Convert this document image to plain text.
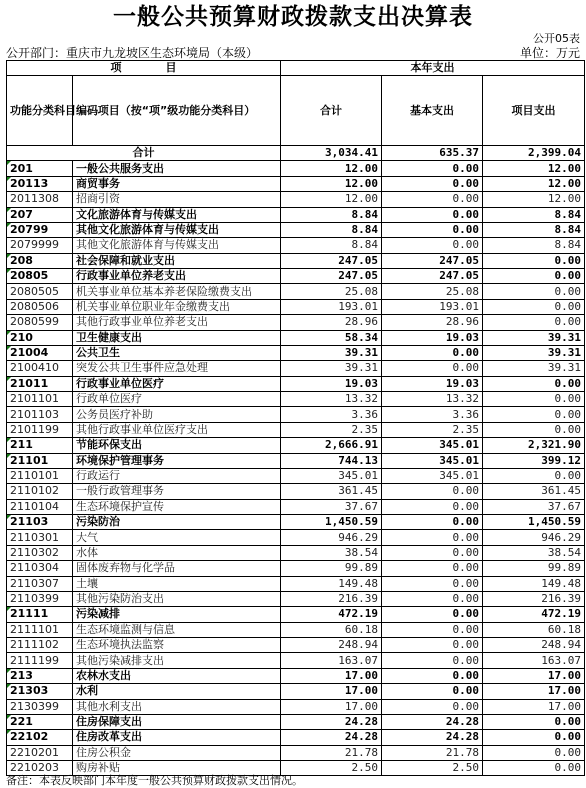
一般公共预算财政拨款支出决算表
公开05表
公开部门：重庆市九龙坡区生态环境局（本级）	单位：万元
项　　　　目		本年支出		
功能分类科目编码	项目（按“项”级功能分类科目）	合计	基本支出	项目支出
合计		3,034.41	635.37	2,399.04
201	一般公共服务支出	12.00	0.00	12.00
20113	商贸事务	12.00	0.00	12.00
2011308	招商引资	12.00	0.00	12.00
207	文化旅游体育与传媒支出	8.84	0.00	8.84
20799	其他文化旅游体育与传媒支出	8.84	0.00	8.84
2079999	其他文化旅游体育与传媒支出	8.84	0.00	8.84
208	社会保障和就业支出	247.05	247.05	0.00
20805	行政事业单位养老支出	247.05	247.05	0.00
2080505	机关事业单位基本养老保险缴费支出	25.08	25.08	0.00
2080506	机关事业单位职业年金缴费支出	193.01	193.01	0.00
2080599	其他行政事业单位养老支出	28.96	28.96	0.00
210	卫生健康支出	58.34	19.03	39.31
21004	公共卫生	39.31	0.00	39.31
2100410	突发公共卫生事件应急处理	39.31	0.00	39.31
21011	行政事业单位医疗	19.03	19.03	0.00
2101101	行政单位医疗	13.32	13.32	0.00
2101103	公务员医疗补助	3.36	3.36	0.00
2101199	其他行政事业单位医疗支出	2.35	2.35	0.00
211	节能环保支出	2,666.91	345.01	2,321.90
21101	环境保护管理事务	744.13	345.01	399.12
2110101	行政运行	345.01	345.01	0.00
2110102	一般行政管理事务	361.45	0.00	361.45
2110104	生态环境保护宣传	37.67	0.00	37.67
21103	污染防治	1,450.59	0.00	1,450.59
2110301	大气	946.29	0.00	946.29
2110302	水体	38.54	0.00	38.54
2110304	固体废弃物与化学品	99.89	0.00	99.89
2110307	土壤	149.48	0.00	149.48
2110399	其他污染防治支出	216.39	0.00	216.39
21111	污染减排	472.19	0.00	472.19
2111101	生态环境监测与信息	60.18	0.00	60.18
2111102	生态环境执法监察	248.94	0.00	248.94
2111199	其他污染减排支出	163.07	0.00	163.07
213	农林水支出	17.00	0.00	17.00
21303	水利	17.00	0.00	17.00
2130399	其他水利支出	17.00	0.00	17.00
221	住房保障支出	24.28	24.28	0.00
22102	住房改革支出	24.28	24.28	0.00
2210201	住房公积金	21.78	21.78	0.00
2210203	购房补贴	2.50	2.50	0.00
备注：本表反映部门本年度一般公共预算财政拨款支出情况。
